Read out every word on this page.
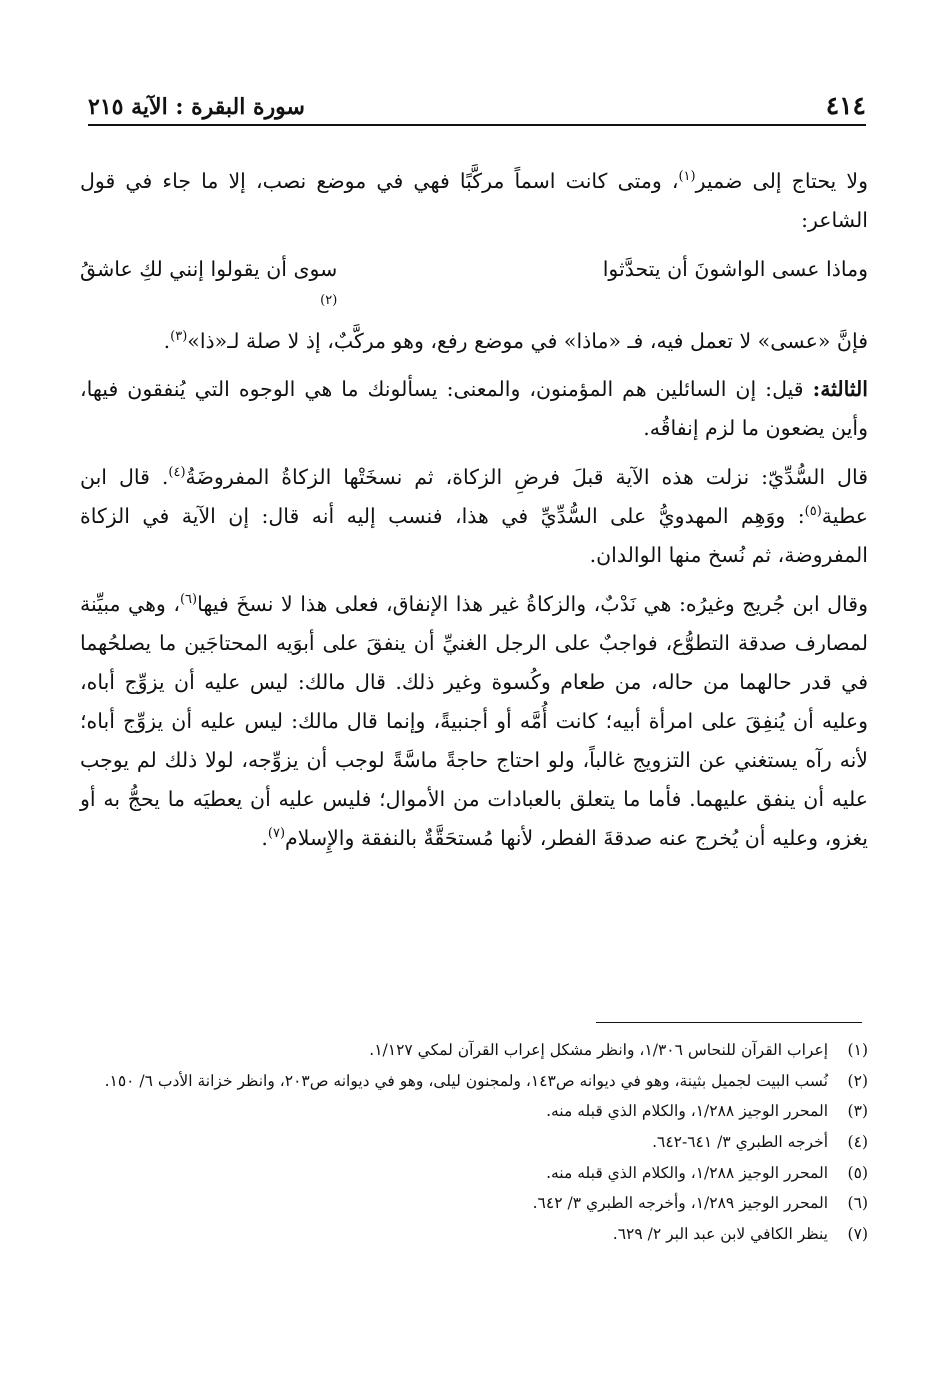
٤١٤
سورة البقرة : الآية ٢١٥

ولا يحتاج إلى ضمير$^{(١)}$، ومتى كانت اسماً مركَّبًا فهي في موضع نصب، إلا ما جاء في قول الشاعر:

وماذا عسى الواشونَ أن يتحدَّثوا
سوى أن يقولوا إنني لكِ عاشقُ
(٢)

فإنَّ «عسى» لا تعمل فيه، فـ «ماذا» في موضع رفع، وهو مركَّبٌ، إذ لا صلة لـ«ذا»$^{(٣)}$.

الثالثة: قيل: إن السائلين هم المؤمنون، والمعنى: يسألونك ما هي الوجوه التي يُنفقون فيها، وأين يضعون ما لزم إنفاقُه.

قال السُّدِّيّ: نزلت هذه الآية قبلَ فرضِ الزكاة، ثم نسخَتْها الزكاةُ المفروضَةُ$^{(٤)}$. قال ابن عطية$^{(٥)}$: ووَهِم المهدويُّ على السُّدِّيِّ في هذا، فنسب إليه أنه قال: إن الآية في الزكاة المفروضة، ثم نُسخ منها الوالدان.

وقال ابن جُريج وغيرُه: هي نَدْبٌ، والزكاةُ غير هذا الإنفاق، فعلى هذا لا نسخَ فيها$^{(٦)}$، وهي مبيِّنة لمصارف صدقة التطوُّع، فواجبٌ على الرجل الغنيِّ أن ينفقَ على أبوَيه المحتاجَين ما يصلحُهما في قدر حالهما من حاله، من طعام وكُسوة وغير ذلك. قال مالك: ليس عليه أن يزوِّج أباه، وعليه أن يُنفِقَ على امرأة أبيه؛ كانت أُمَّه أو أجنبيةً، وإنما قال مالك: ليس عليه أن يزوِّج أباه؛ لأنه رآه يستغني عن التزويج غالباً، ولو احتاج حاجةً ماسَّةً لوجب أن يزوِّجه، لولا ذلك لم يوجب عليه أن ينفق عليهما. فأما ما يتعلق بالعبادات من الأموال؛ فليس عليه أن يعطيَه ما يحجُّ به أو يغزو، وعليه أن يُخرج عنه صدقةَ الفطر، لأنها مُستحَقَّةٌ بالنفقة والإِسلام$^{(٧)}$.

(١)
إعراب القرآن للنحاس ١/٣٠٦، وانظر مشكل إعراب القرآن لمكي ١/١٢٧.
(٢)
نُسب البيت لجميل بثينة، وهو في ديوانه ص١٤٣، ولمجنون ليلى، وهو في ديوانه ص٢٠٣، وانظر خزانة الأدب ٦/ ١٥٠.
(٣)
المحرر الوجيز ١/٢٨٨، والكلام الذي قبله منه.
(٤)
أخرجه الطبري ٣/ ٦٤١-٦٤٢.
(٥)
المحرر الوجيز ١/٢٨٨، والكلام الذي قبله منه.
(٦)
المحرر الوجيز ١/٢٨٩، وأخرجه الطبري ٣/ ٦٤٢.
(٧)
ينظر الكافي لابن عبد البر ٢/ ٦٢٩.
